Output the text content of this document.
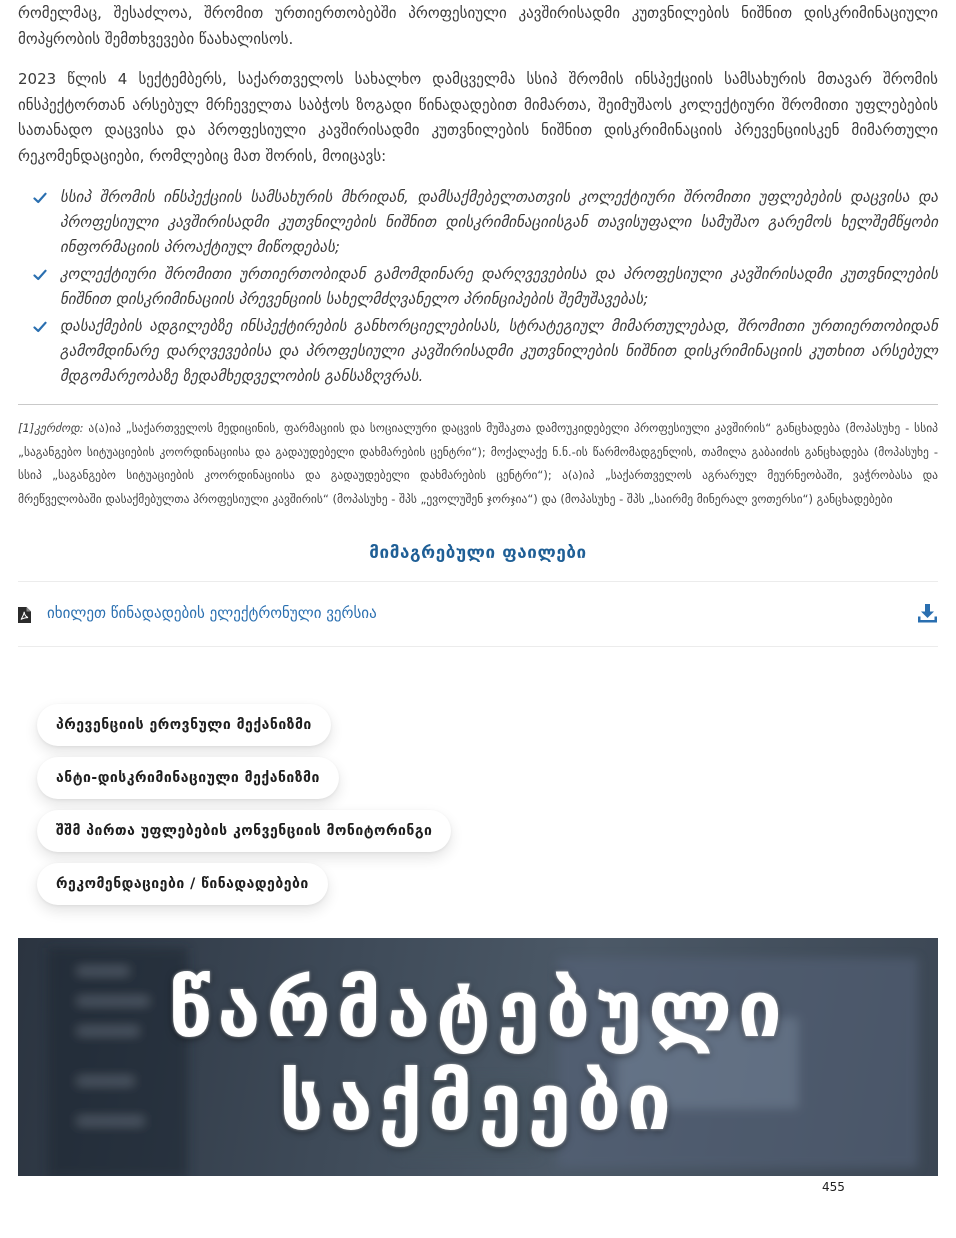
რომელმაც, შესაძლოა, შრომით ურთიერთობებში პროფესიული კავშირისადმი კუთვნილების ნიშნით დისკრიმინაციული მოპყრობის შემთხვევები წაახალისოს.

2023 წლის 4 სექტემბერს, საქართველოს სახალხო დამცველმა სსიპ შრომის ინსპექციის სამსახურის მთავარ შრომის ინსპექტორთან არსებულ მრჩეველთა საბჭოს ზოგადი წინადადებით მიმართა, შეიმუშაოს კოლექტიური შრომითი უფლებების სათანადო დაცვისა და პროფესიული კავშირისადმი კუთვნილების ნიშნით დისკრიმინაციის პრევენციისკენ მიმართული რეკომენდაციები, რომლებიც მათ შორის, მოიცავს:

სსიპ შრომის ინსპექციის სამსახურის მხრიდან, დამსაქმებელთათვის კოლექტიური შრომითი უფლებების დაცვისა და პროფესიული კავშირისადმი კუთვნილების ნიშნით დისკრიმინაციისგან თავისუფალი სამუშაო გარემოს ხელშემწყობი ინფორმაციის პროაქტიულ მიწოდებას;
კოლექტიური შრომითი ურთიერთობიდან გამომდინარე დარღვევებისა და პროფესიული კავშირისადმი კუთვნილების ნიშნით დისკრიმინაციის პრევენციის სახელმძღვანელო პრინციპების შემუშავებას;
დასაქმების ადგილებზე ინსპექტირების განხორციელებისას, სტრატეგიულ მიმართულებად, შრომითი ურთიერთობიდან გამომდინარე დარღვევებისა და პროფესიული კავშირისადმი კუთვნილების ნიშნით დისკრიმინაციის კუთხით არსებულ მდგომარეობაზე ზედამხედველობის განსაზღვრას.

[1]კერძოდ: ა(ა)იპ „საქართველოს მედიცინის, ფარმაციის და სოციალური დაცვის მუშაკთა დამოუკიდებელი პროფესიული კავშირის“ განცხადება (მოპასუხე - სსიპ „საგანგებო სიტუაციების კოორდინაციისა და გადაუდებელი დახმარების ცენტრი“); მოქალაქე ნ.ნ.-ის წარმომადგენლის, თამილა გაბაიძის განცხადება (მოპასუხე - სსიპ „საგანგებო სიტუაციების კოორდინაციისა და გადაუდებელი დახმარების ცენტრი“); ა(ა)იპ „საქართველოს აგრარულ მეურნეობაში, ვაჭრობასა და მრეწველობაში დასაქმებულთა პროფესიული კავშირის“ (მოპასუხე - შპს „ევოლუშენ ჯორჯია“) და (მოპასუხე - შპს „საირმე მინერალ ვოთერსი“) განცხადებები

მიმაგრებული ფაილები
იხილეთ წინადადების ელექტრონული ვერსია
პრევენციის ეროვნული მექანიზმი
ანტი-დისკრიმინაციული მექანიზმი
შშმ პირთა უფლებების კონვენციის მონიტორინგი
რეკომენდაციები / წინადადებები
წარმატებული
საქმეები
455
